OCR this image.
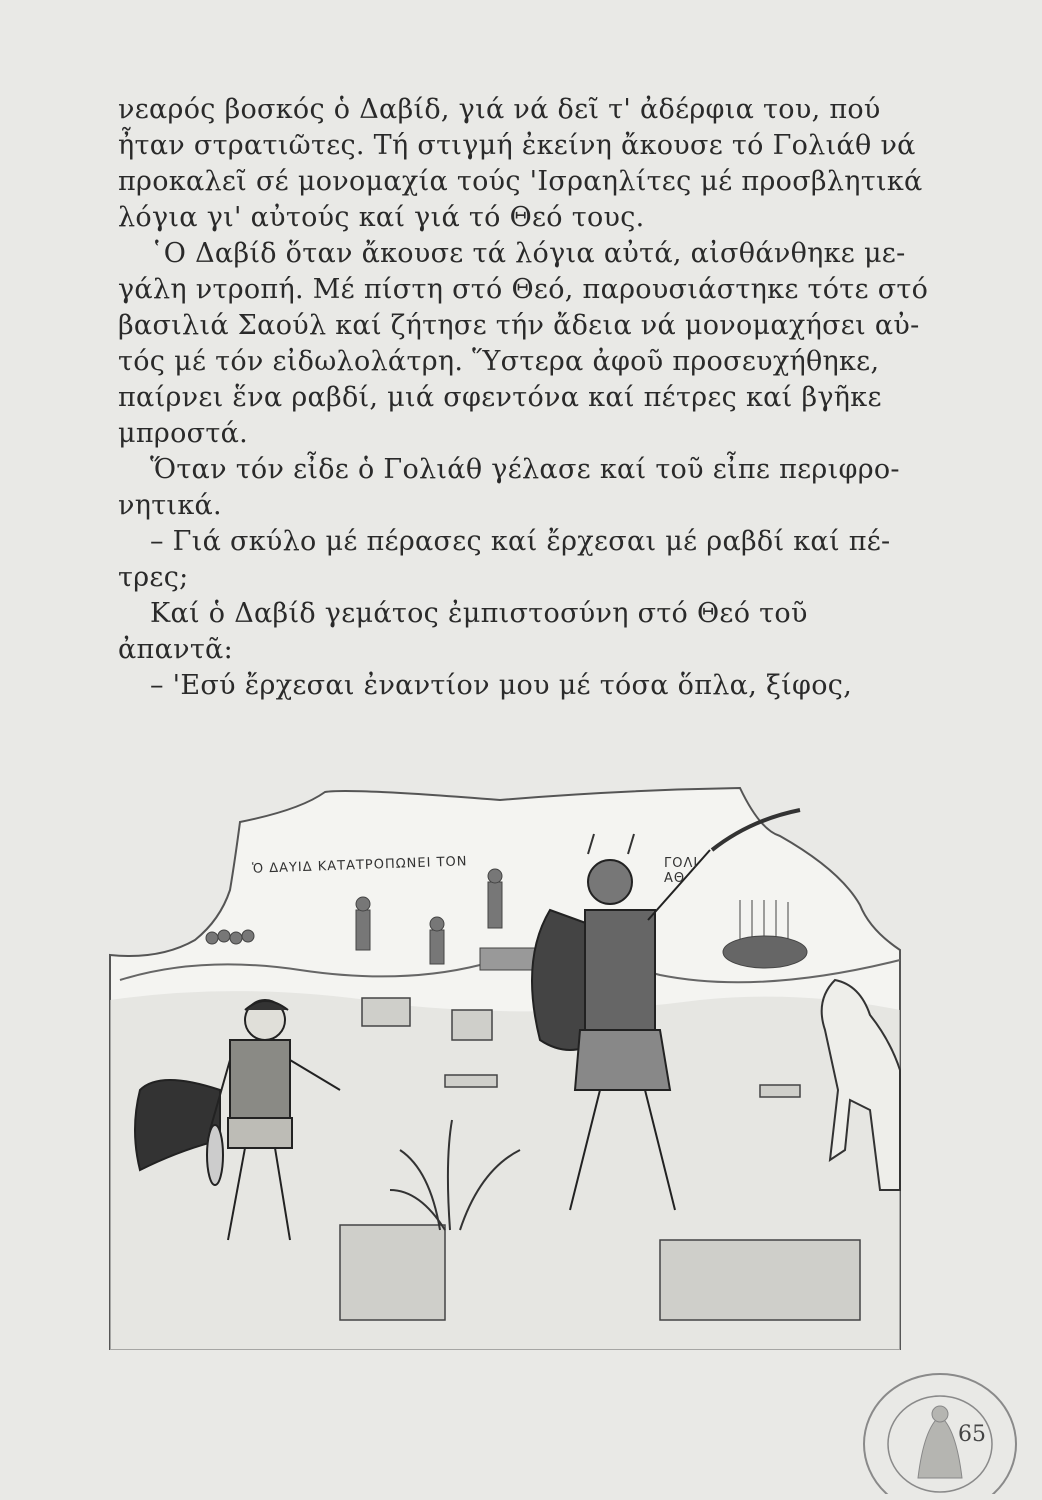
νεαρός βοσκός ὁ Δαβίδ, γιά νά δεῖ τ' ἀδέρφια του, πού
ἦταν στρατιῶτες. Τή στιγμή ἐκείνη ἄκουσε τό Γολιάθ νά
προκαλεῖ σέ μονομαχία τούς 'Ισραηλίτες μέ προσβλητικά
λόγια γι' αὐτούς καί γιά τό Θεό τους.
῾Ο Δαβίδ ὅταν ἄκουσε τά λόγια αὐτά, αἰσθάνθηκε με-
γάλη ντροπή. Μέ πίστη στό Θεό, παρουσιάστηκε τότε στό
βασιλιά Σαούλ καί ζήτησε τήν ἄδεια νά μονομαχήσει αὐ-
τός μέ τόν εἰδωλολάτρη. Ὕστερα ἀφοῦ προσευχήθηκε,
παίρνει ἕνα ραβδί, μιά σφεντόνα καί πέτρες καί βγῆκε
μπροστά.
Ὅταν τόν εἶδε ὁ Γολιάθ γέλασε καί τοῦ εἶπε περιφρο-
νητικά.
– Γιά σκύλο μέ πέρασες καί ἔρχεσαι μέ ραβδί καί πέ-
τρες;
Καί ὁ Δαβίδ γεμάτος ἐμπιστοσύνη στό Θεό τοῦ
ἀπαντᾶ:
– 'Εσύ ἔρχεσαι ἐναντίον μου μέ τόσα ὅπλα, ξίφος,
Ὁ ΔΑΥΙΔ ΚΑΤΑΤΡΟΠΩΝΕΙ ΤΟΝ	ΓΟΛΙ ΑΘ
65
